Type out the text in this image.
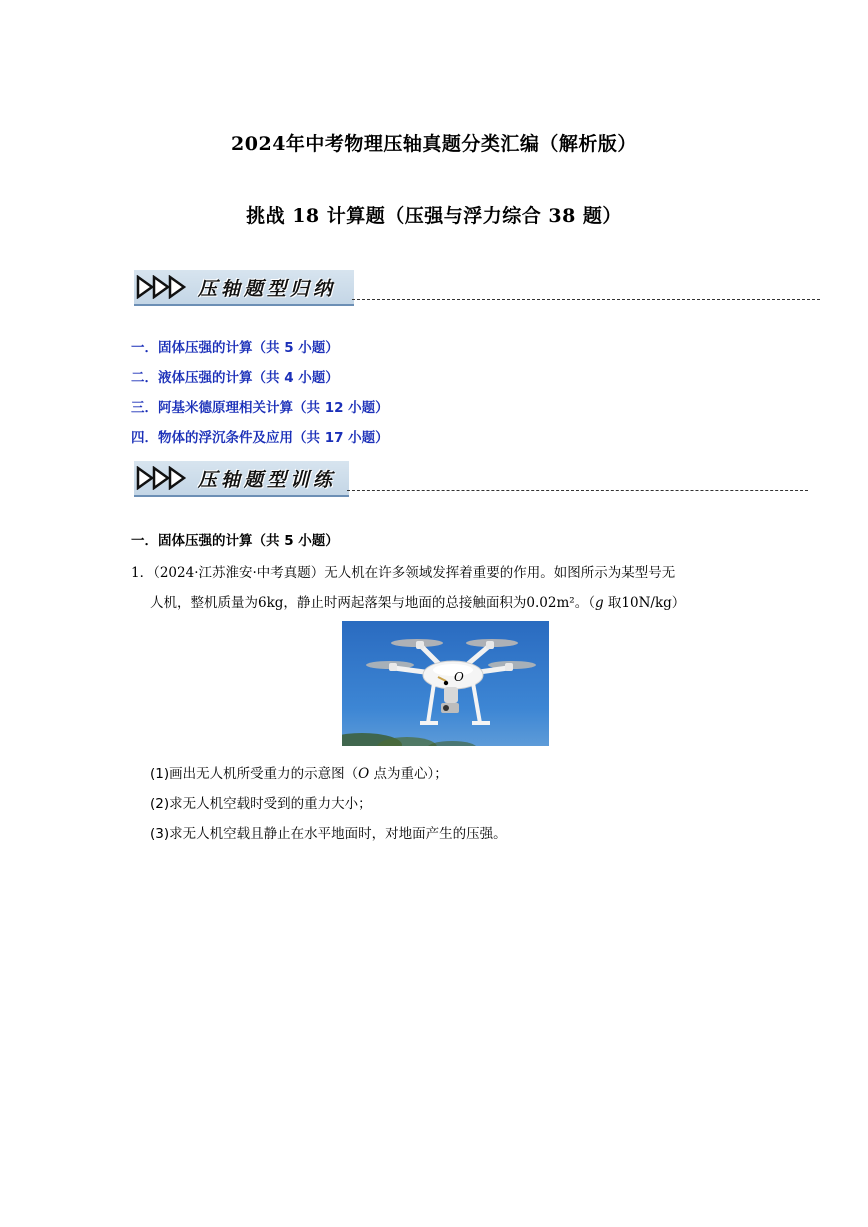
2024年中考物理压轴真题分类汇编（解析版）
挑战 18 计算题（压强与浮力综合 38 题）
压轴题型归纳
一．固体压强的计算（共 5 小题）
二．液体压强的计算（共 4 小题）
三．阿基米德原理相关计算（共 12 小题）
四．物体的浮沉条件及应用（共 17 小题）
压轴题型训练
一．固体压强的计算（共 5 小题）
1．（2024·江苏淮安·中考真题）无人机在许多领域发挥着重要的作用。如图所示为某型号无
人机，整机质量为6kg，静止时两起落架与地面的总接触面积为0.02m²。（g 取10N/kg）
O
(1)画出无人机所受重力的示意图（O 点为重心）；
(2)求无人机空载时受到的重力大小；
(3)求无人机空载且静止在水平地面时，对地面产生的压强。
